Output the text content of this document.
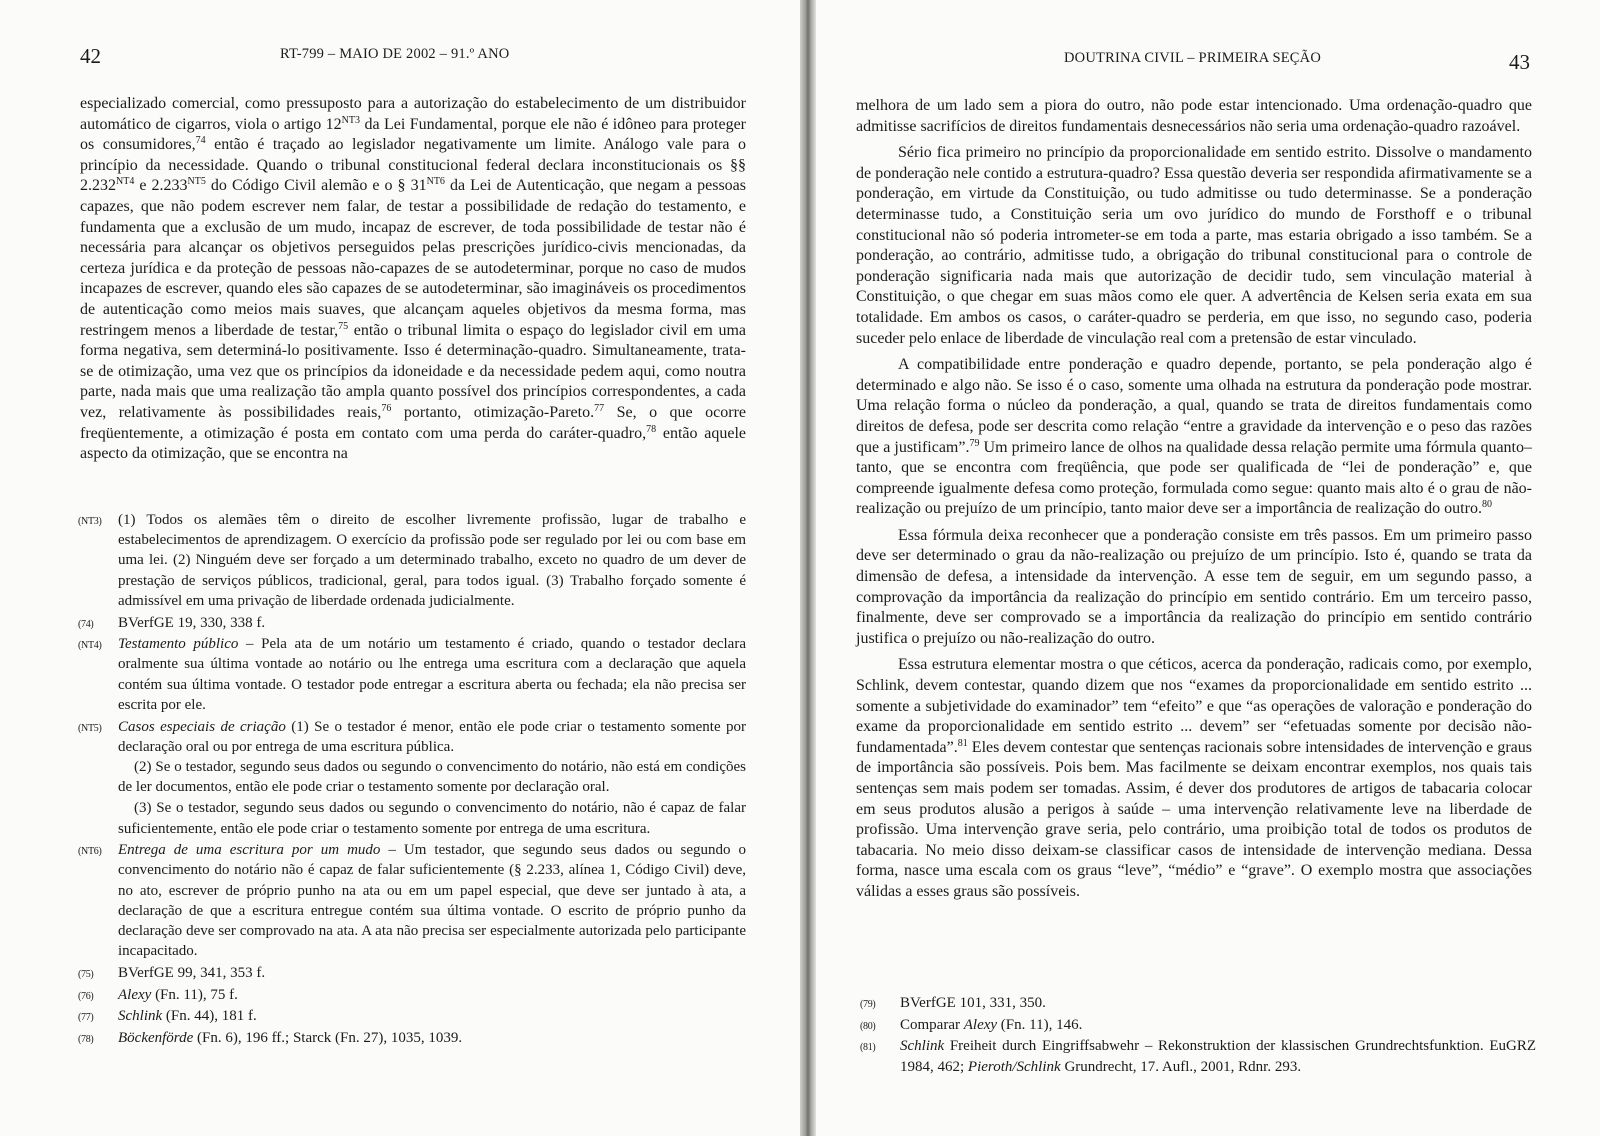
42	RT-799 – MAIO DE 2002 – 91.º ANO
especializado comercial, como pressuposto para a autorização do estabelecimento de um distribuidor automático de cigarros, viola o artigo $12^{NT3}$ da Lei Fundamental, porque ele não é idôneo para proteger os consumidores,$^{74}$ então é traçado ao legislador negativamente um limite. Análogo vale para o princípio da necessidade. Quando o tribunal constitucional federal declara inconstitucionais os §§ $2.232^{NT4}$ e $2.233^{NT5}$ do Código Civil alemão e o § $31^{NT6}$ da Lei de Autenticação, que negam a pessoas capazes, que não podem escrever nem falar, de testar a possibilidade de redação do testamento, e fundamenta que a exclusão de um mudo, incapaz de escrever, de toda possibilidade de testar não é necessária para alcançar os objetivos perseguidos pelas prescrições jurídico-civis mencionadas, da certeza jurídica e da proteção de pessoas não-capazes de se autodeterminar, porque no caso de mudos incapazes de escrever, quando eles são capazes de se autodeterminar, são imagináveis os procedimentos de autenticação como meios mais suaves, que alcançam aqueles objetivos da mesma forma, mas restringem menos a liberdade de testar,$^{75}$ então o tribunal limita o espaço do legislador civil em uma forma negativa, sem determiná-lo positivamente. Isso é determinação-quadro. Simultaneamente, trata-se de otimização, uma vez que os princípios da idoneidade e da necessidade pedem aqui, como noutra parte, nada mais que uma realização tão ampla quanto possível dos princípios correspondentes, a cada vez, relativamente às possibilidades reais,$^{76}$ portanto, otimização-Pareto.$^{77}$ Se, o que ocorre freqüentemente, a otimização é posta em contato com uma perda do caráter-quadro,$^{78}$ então aquele aspecto da otimização, que se encontra na
(NT3) (1) Todos os alemães têm o direito de escolher livremente profissão, lugar de trabalho e estabelecimentos de aprendizagem. O exercício da profissão pode ser regulado por lei ou com base em uma lei. (2) Ninguém deve ser forçado a um determinado trabalho, exceto no quadro de um dever de prestação de serviços públicos, tradicional, geral, para todos igual. (3) Trabalho forçado somente é admissível em uma privação de liberdade ordenada judicialmente.
(74) BVerfGE 19, 330, 338 f.
(NT4) Testamento público – Pela ata de um notário um testamento é criado, quando o testador declara oralmente sua última vontade ao notário ou lhe entrega uma escritura com a declaração que aquela contém sua última vontade. O testador pode entregar a escritura aberta ou fechada; ela não precisa ser escrita por ele.
(NT5) Casos especiais de criação (1) Se o testador é menor, então ele pode criar o testamento somente por declaração oral ou por entrega de uma escritura pública.
(2) Se o testador, segundo seus dados ou segundo o convencimento do notário, não está em condições de ler documentos, então ele pode criar o testamento somente por declaração oral.
(3) Se o testador, segundo seus dados ou segundo o convencimento do notário, não é capaz de falar suficientemente, então ele pode criar o testamento somente por entrega de uma escritura.
(NT6) Entrega de uma escritura por um mudo – Um testador, que segundo seus dados ou segundo o convencimento do notário não é capaz de falar suficientemente (§ 2.233, alínea 1, Código Civil) deve, no ato, escrever de próprio punho na ata ou em um papel especial, que deve ser juntado à ata, a declaração de que a escritura entregue contém sua última vontade. O escrito de próprio punho da declaração deve ser comprovado na ata. A ata não precisa ser especialmente autorizada pelo participante incapacitado.
(75) BVerfGE 99, 341, 353 f.
(76) Alexy (Fn. 11), 75 f.
(77) Schlink (Fn. 44), 181 f.
(78) Böckenförde (Fn. 6), 196 ff.; Starck (Fn. 27), 1035, 1039.
43
DOUTRINA CIVIL – PRIMEIRA SEÇÃO

melhora de um lado sem a piora do outro, não pode estar intencionado. Uma ordenação-quadro que admitisse sacrifícios de direitos fundamentais desnecessários não seria uma ordenação-quadro razoável.

Sério fica primeiro no princípio da proporcionalidade em sentido estrito. Dissolve o mandamento de ponderação nele contido a estrutura-quadro? Essa questão deveria ser respondida afirmativamente se a ponderação, em virtude da Constituição, ou tudo admitisse ou tudo determinasse. Se a ponderação determinasse tudo, a Constituição seria um ovo jurídico do mundo de Forsthoff e o tribunal constitucional não só poderia intrometer-se em toda a parte, mas estaria obrigado a isso também. Se a ponderação, ao contrário, admitisse tudo, a obrigação do tribunal constitucional para o controle de ponderação significaria nada mais que autorização de decidir tudo, sem vinculação material à Constituição, o que chegar em suas mãos como ele quer. A advertência de Kelsen seria exata em sua totalidade. Em ambos os casos, o caráter-quadro se perderia, em que isso, no segundo caso, poderia suceder pelo enlace de liberdade de vinculação real com a pretensão de estar vinculado.

A compatibilidade entre ponderação e quadro depende, portanto, se pela ponderação algo é determinado e algo não. Se isso é o caso, somente uma olhada na estrutura da ponderação pode mostrar. Uma relação forma o núcleo da ponderação, a qual, quando se trata de direitos fundamentais como direitos de defesa, pode ser descrita como relação “entre a gravidade da intervenção e o peso das razões que a justificam”.$^{79}$ Um primeiro lance de olhos na qualidade dessa relação permite uma fórmula quanto–tanto, que se encontra com freqüência, que pode ser qualificada de “lei de ponderação” e, que compreende igualmente defesa como proteção, formulada como segue: quanto mais alto é o grau de não-realização ou prejuízo de um princípio, tanto maior deve ser a importância de realização do outro.$^{80}$

Essa fórmula deixa reconhecer que a ponderação consiste em três passos. Em um primeiro passo deve ser determinado o grau da não-realização ou prejuízo de um princípio. Isto é, quando se trata da dimensão de defesa, a intensidade da intervenção. A esse tem de seguir, em um segundo passo, a comprovação da importância da realização do princípio em sentido contrário. Em um terceiro passo, finalmente, deve ser comprovado se a importância da realização do princípio em sentido contrário justifica o prejuízo ou não-realização do outro.

Essa estrutura elementar mostra o que céticos, acerca da ponderação, radicais como, por exemplo, Schlink, devem contestar, quando dizem que nos “exames da proporcionalidade em sentido estrito ... somente a subjetividade do examinador” tem “efeito” e que “as operações de valoração e ponderação do exame da proporcionalidade em sentido estrito ... devem” ser “efetuadas somente por decisão não-fundamentada”.$^{81}$ Eles devem contestar que sentenças racionais sobre intensidades de intervenção e graus de importância são possíveis. Pois bem. Mas facilmente se deixam encontrar exemplos, nos quais tais sentenças sem mais podem ser tomadas. Assim, é dever dos produtores de artigos de tabacaria colocar em seus produtos alusão a perigos à saúde – uma intervenção relativamente leve na liberdade de profissão. Uma intervenção grave seria, pelo contrário, uma proibição total de todos os produtos de tabacaria. No meio disso deixam-se classificar casos de intensidade de intervenção mediana. Dessa forma, nasce uma escala com os graus “leve”, “médio” e “grave”. O exemplo mostra que associações válidas a esses graus são possíveis.

(79) BVerfGE 101, 331, 350.
(80) Comparar Alexy (Fn. 11), 146.
(81) Schlink Freiheit durch Eingriffsabwehr – Rekonstruktion der klassischen Grundrechtsfunktion. EuGRZ 1984, 462; Pieroth/Schlink Grundrecht, 17. Aufl., 2001, Rdnr. 293.
